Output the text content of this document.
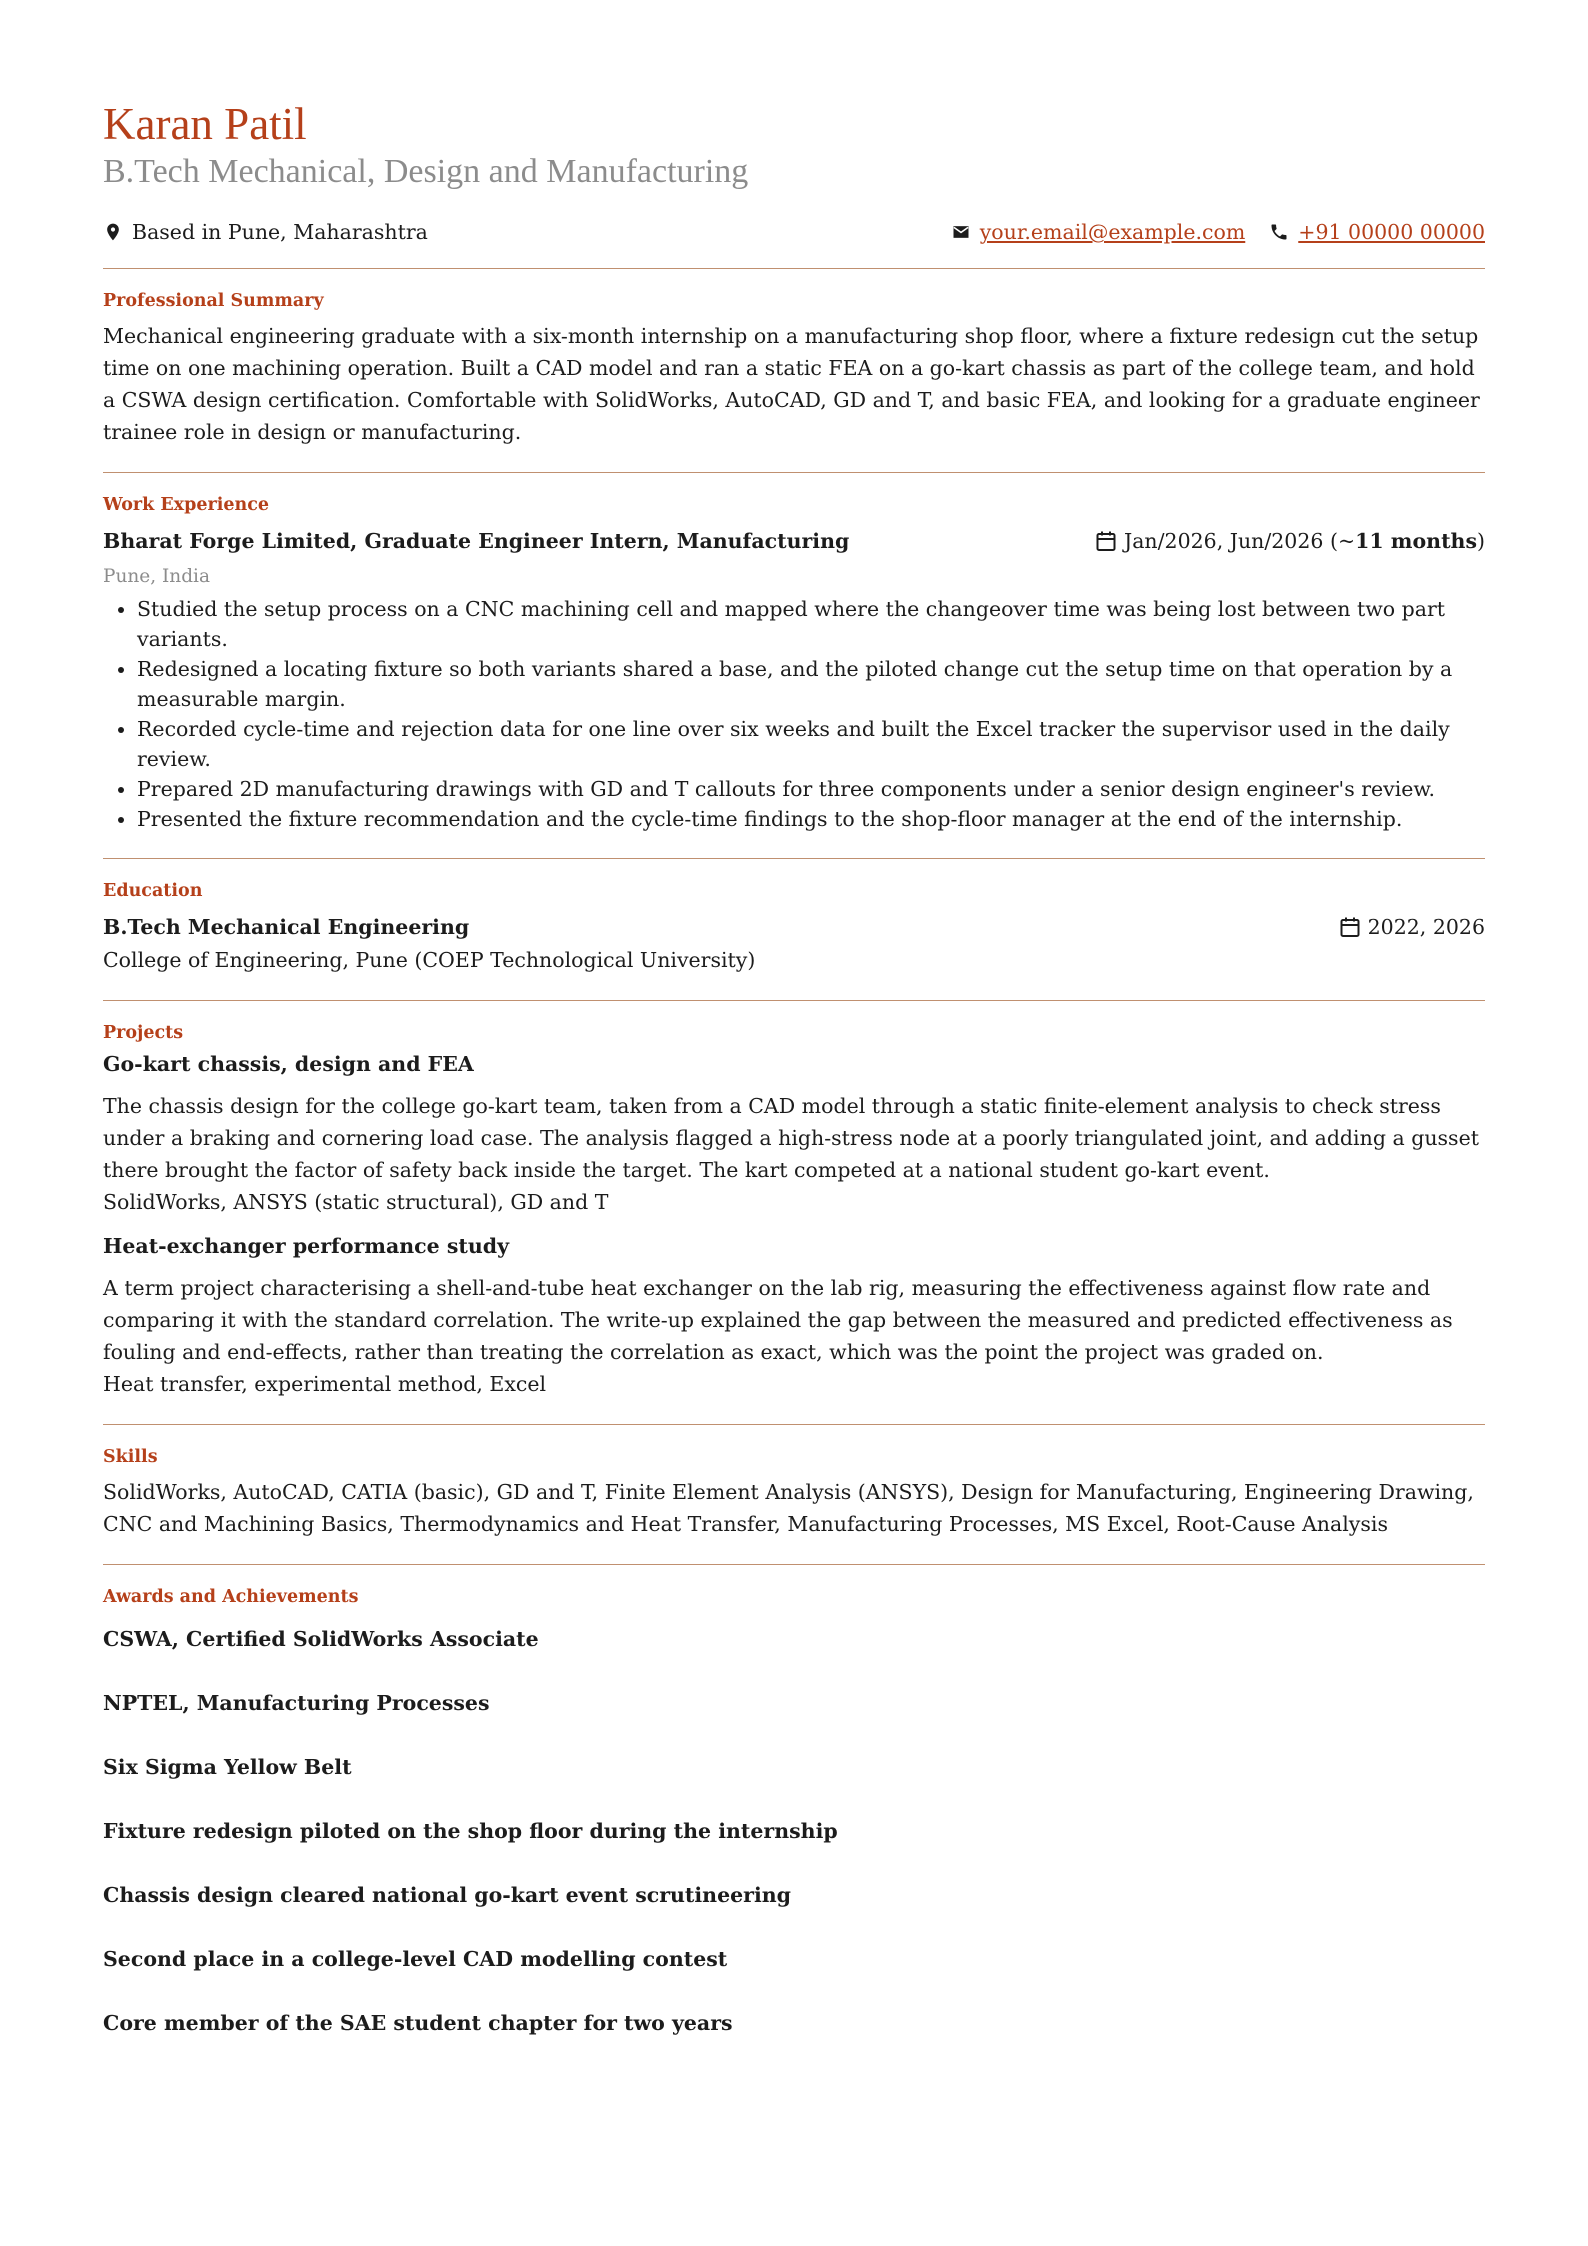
Karan Patil
B.Tech Mechanical, Design and Manufacturing
Based in Pune, Maharashtra	your.email@example.com	+91 00000 00000
Professional Summary

Mechanical engineering graduate with a six-month internship on a manufacturing shop floor, where a fixture redesign cut the setup time on one machining operation. Built a CAD model and ran a static FEA on a go-kart chassis as part of the college team, and hold a CSWA design certification. Comfortable with SolidWorks, AutoCAD, GD and T, and basic FEA, and looking for a graduate engineer trainee role in design or manufacturing.

Work Experience
Bharat Forge Limited, Graduate Engineer Intern, Manufacturing	Jan/2026, Jun/2026 (~ 11 months )
Pune, India
• Studied the setup process on a CNC machining cell and mapped where the changeover time was being lost between two part variants.
• Redesigned a locating fixture so both variants shared a base, and the piloted change cut the setup time on that operation by a measurable margin.
• Recorded cycle-time and rejection data for one line over six weeks and built the Excel tracker the supervisor used in the daily review.
• Prepared 2D manufacturing drawings with GD and T callouts for three components under a senior design engineer's review.
• Presented the fixture recommendation and the cycle-time findings to the shop-floor manager at the end of the internship.
Education
B.Tech Mechanical Engineering	2022, 2026
College of Engineering, Pune (COEP Technological University)
Projects
Go-kart chassis, design and FEA

The chassis design for the college go-kart team, taken from a CAD model through a static finite-element analysis to check stress under a braking and cornering load case. The analysis flagged a high-stress node at a poorly triangulated joint, and adding a gusset there brought the factor of safety back inside the target. The kart competed at a national student go-kart event.

SolidWorks, ANSYS (static structural), GD and T
Heat-exchanger performance study

A term project characterising a shell-and-tube heat exchanger on the lab rig, measuring the effectiveness against flow rate and comparing it with the standard correlation. The write-up explained the gap between the measured and predicted effectiveness as fouling and end-effects, rather than treating the correlation as exact, which was the point the project was graded on.

Heat transfer, experimental method, Excel
Skills

SolidWorks, AutoCAD, CATIA (basic), GD and T, Finite Element Analysis (ANSYS), Design for Manufacturing, Engineering Drawing, CNC and Machining Basics, Thermodynamics and Heat Transfer, Manufacturing Processes, MS Excel, Root-Cause Analysis

Awards and Achievements
CSWA, Certified SolidWorks Associate
NPTEL, Manufacturing Processes
Six Sigma Yellow Belt
Fixture redesign piloted on the shop floor during the internship
Chassis design cleared national go-kart event scrutineering
Second place in a college-level CAD modelling contest
Core member of the SAE student chapter for two years
